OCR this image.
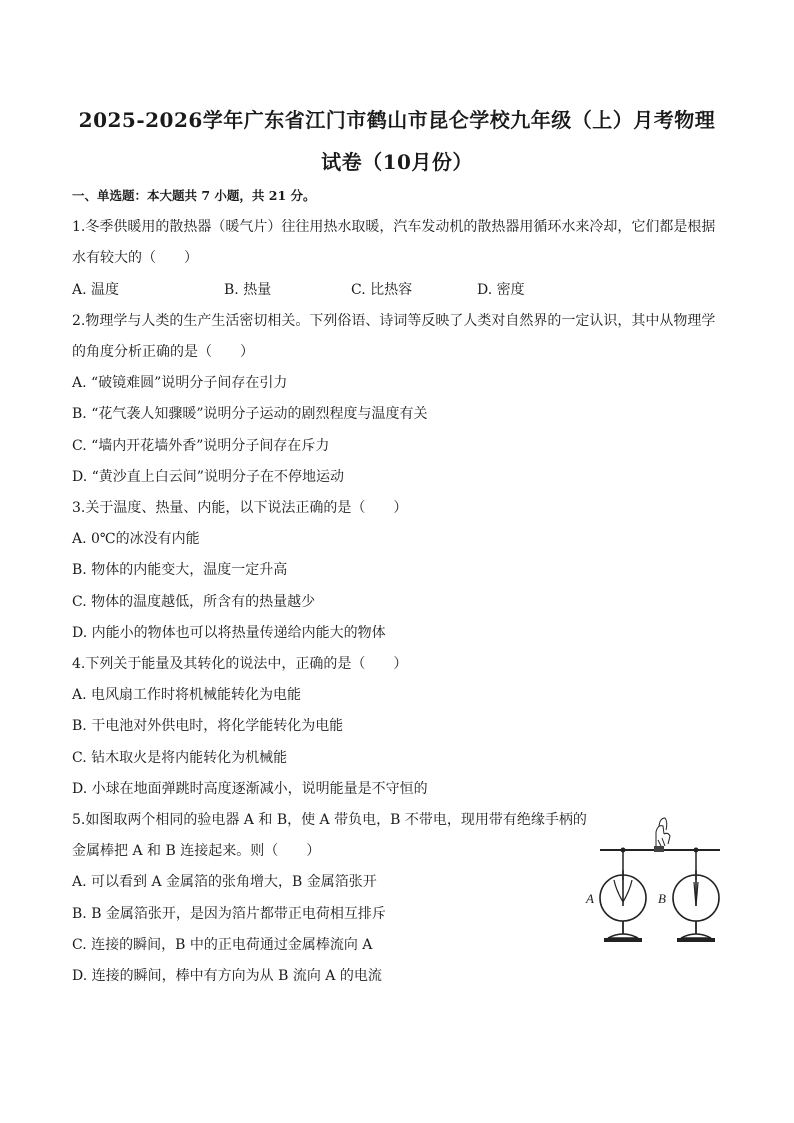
2025-2026学年广东省江门市鹤山市昆仑学校九年级（上）月考物理
试卷（10月份）
一、单选题：本大题共 7 小题，共 21 分。
1.冬季供暖用的散热器（暖气片）往往用热水取暖，汽车发动机的散热器用循环水来冷却，它们都是根据
水有较大的（　　）
A. 温度	B. 热量	C. 比热容	D. 密度
2.物理学与人类的生产生活密切相关。下列俗语、诗词等反映了人类对自然界的一定认识，其中从物理学
的角度分析正确的是（　　）
A. “破镜难圆”说明分子间存在引力
B. “花气袭人知骤暖”说明分子运动的剧烈程度与温度有关
C. “墙内开花墙外香”说明分子间存在斥力
D. “黄沙直上白云间”说明分子在不停地运动
3.关于温度、热量、内能，以下说法正确的是（　　）
A. 0℃的冰没有内能
B. 物体的内能变大，温度一定升高
C. 物体的温度越低，所含有的热量越少
D. 内能小的物体也可以将热量传递给内能大的物体
4.下列关于能量及其转化的说法中，正确的是（　　）
A. 电风扇工作时将机械能转化为电能
B. 干电池对外供电时，将化学能转化为电能
C. 钻木取火是将内能转化为机械能
D. 小球在地面弹跳时高度逐渐减小，说明能量是不守恒的
5.如图取两个相同的验电器 A 和 B，使 A 带负电，B 不带电，现用带有绝缘手柄的
金属棒把 A 和 B 连接起来。则（　　）
A. 可以看到 A 金属箔的张角增大，B 金属箔张开
B. B 金属箔张开，是因为箔片都带正电荷相互排斥
C. 连接的瞬间，B 中的正电荷通过金属棒流向 A
D. 连接的瞬间，棒中有方向为从 B 流向 A 的电流
A	B
